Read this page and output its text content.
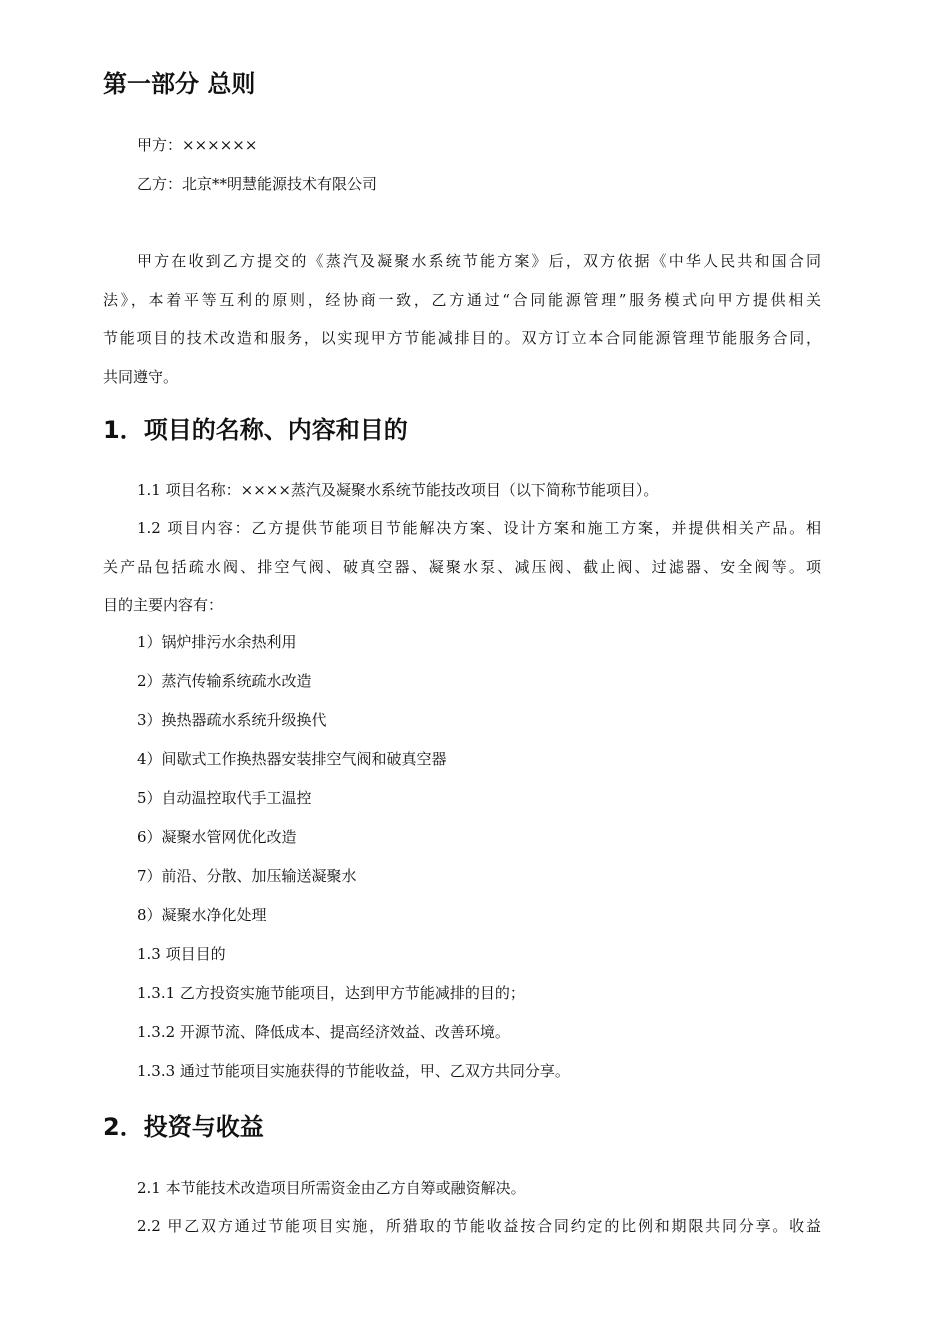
第一部分 总则

甲方：××××××

乙方：北京**明慧能源技术有限公司

甲方在收到乙方提交的《蒸汽及凝聚水系统节能方案》后，双方依据《中华人民共和国合同

法》，本着平等互利的原则，经协商一致，乙方通过“合同能源管理”服务模式向甲方提供相关

节能项目的技术改造和服务，以实现甲方节能减排目的。双方订立本合同能源管理节能服务合同，

共同遵守。

1．项目的名称、内容和目的

1.1 项目名称：××××蒸汽及凝聚水系统节能技改项目（以下简称节能项目）。

1.2 项目内容：乙方提供节能项目节能解决方案、设计方案和施工方案，并提供相关产品。相

关产品包括疏水阀、排空气阀、破真空器、凝聚水泵、减压阀、截止阀、过滤器、安全阀等。项

目的主要内容有：

1）锅炉排污水余热利用

2）蒸汽传输系统疏水改造

3）换热器疏水系统升级换代

4）间歇式工作换热器安装排空气阀和破真空器

5）自动温控取代手工温控

6）凝聚水管网优化改造

7）前沿、分散、加压输送凝聚水

8）凝聚水净化处理

1.3 项目目的

1.3.1 乙方投资实施节能项目，达到甲方节能减排的目的；

1.3.2 开源节流、降低成本、提高经济效益、改善环境。

1.3.3 通过节能项目实施获得的节能收益，甲、乙双方共同分享。

2．投资与收益

2.1 本节能技术改造项目所需资金由乙方自筹或融资解决。

2.2 甲乙双方通过节能项目实施，所猎取的节能收益按合同约定的比例和期限共同分享。收益
